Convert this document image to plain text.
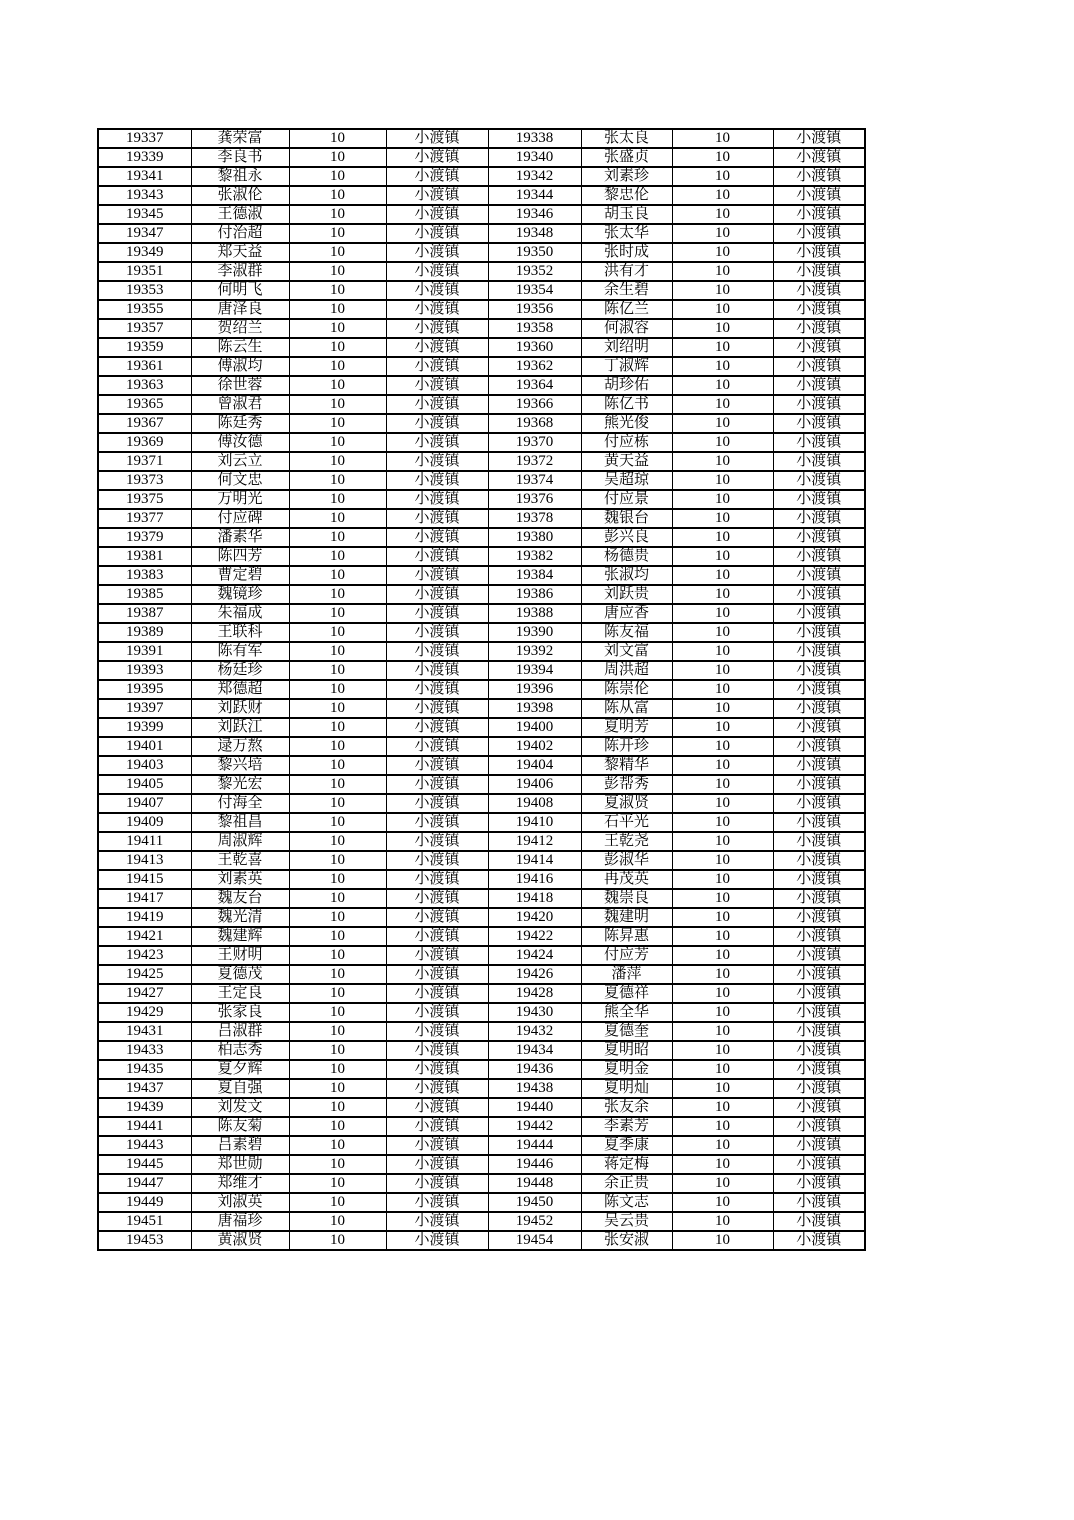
19337	龚荣富	10	小渡镇	19338	张太良	10	小渡镇
19339	李良书	10	小渡镇	19340	张盛贞	10	小渡镇
19341	黎祖永	10	小渡镇	19342	刘素珍	10	小渡镇
19343	张淑伦	10	小渡镇	19344	黎忠伦	10	小渡镇
19345	王德淑	10	小渡镇	19346	胡玉良	10	小渡镇
19347	付治超	10	小渡镇	19348	张太华	10	小渡镇
19349	郑天益	10	小渡镇	19350	张时成	10	小渡镇
19351	李淑群	10	小渡镇	19352	洪有才	10	小渡镇
19353	何明飞	10	小渡镇	19354	余生碧	10	小渡镇
19355	唐泽良	10	小渡镇	19356	陈亿兰	10	小渡镇
19357	贺绍兰	10	小渡镇	19358	何淑容	10	小渡镇
19359	陈云生	10	小渡镇	19360	刘绍明	10	小渡镇
19361	傅淑均	10	小渡镇	19362	丁淑辉	10	小渡镇
19363	徐世蓉	10	小渡镇	19364	胡珍佑	10	小渡镇
19365	曾淑君	10	小渡镇	19366	陈亿书	10	小渡镇
19367	陈廷秀	10	小渡镇	19368	熊光俊	10	小渡镇
19369	傅汝德	10	小渡镇	19370	付应栋	10	小渡镇
19371	刘云立	10	小渡镇	19372	黄天益	10	小渡镇
19373	何文忠	10	小渡镇	19374	吴超琼	10	小渡镇
19375	万明光	10	小渡镇	19376	付应景	10	小渡镇
19377	付应碑	10	小渡镇	19378	魏银台	10	小渡镇
19379	潘素华	10	小渡镇	19380	彭兴良	10	小渡镇
19381	陈四芳	10	小渡镇	19382	杨德贵	10	小渡镇
19383	曹定碧	10	小渡镇	19384	张淑均	10	小渡镇
19385	魏镜珍	10	小渡镇	19386	刘跃贵	10	小渡镇
19387	朱福成	10	小渡镇	19388	唐应香	10	小渡镇
19389	王联科	10	小渡镇	19390	陈友福	10	小渡镇
19391	陈有军	10	小渡镇	19392	刘文富	10	小渡镇
19393	杨廷珍	10	小渡镇	19394	周洪超	10	小渡镇
19395	郑德超	10	小渡镇	19396	陈崇伦	10	小渡镇
19397	刘跃财	10	小渡镇	19398	陈从富	10	小渡镇
19399	刘跃江	10	小渡镇	19400	夏明芳	10	小渡镇
19401	逯万熬	10	小渡镇	19402	陈开珍	10	小渡镇
19403	黎兴培	10	小渡镇	19404	黎精华	10	小渡镇
19405	黎光宏	10	小渡镇	19406	彭帮秀	10	小渡镇
19407	付海全	10	小渡镇	19408	夏淑贤	10	小渡镇
19409	黎祖昌	10	小渡镇	19410	石平光	10	小渡镇
19411	周淑辉	10	小渡镇	19412	王乾尧	10	小渡镇
19413	王乾喜	10	小渡镇	19414	彭淑华	10	小渡镇
19415	刘素英	10	小渡镇	19416	冉茂英	10	小渡镇
19417	魏友台	10	小渡镇	19418	魏崇良	10	小渡镇
19419	魏光清	10	小渡镇	19420	魏建明	10	小渡镇
19421	魏建辉	10	小渡镇	19422	陈昇惠	10	小渡镇
19423	王财明	10	小渡镇	19424	付应芳	10	小渡镇
19425	夏德茂	10	小渡镇	19426	潘萍	10	小渡镇
19427	王定良	10	小渡镇	19428	夏德祥	10	小渡镇
19429	张家良	10	小渡镇	19430	熊全华	10	小渡镇
19431	吕淑群	10	小渡镇	19432	夏德奎	10	小渡镇
19433	柏志秀	10	小渡镇	19434	夏明昭	10	小渡镇
19435	夏夕辉	10	小渡镇	19436	夏明金	10	小渡镇
19437	夏自强	10	小渡镇	19438	夏明灿	10	小渡镇
19439	刘发文	10	小渡镇	19440	张友余	10	小渡镇
19441	陈友菊	10	小渡镇	19442	李素芳	10	小渡镇
19443	吕素碧	10	小渡镇	19444	夏季康	10	小渡镇
19445	郑世勋	10	小渡镇	19446	蒋定梅	10	小渡镇
19447	郑维才	10	小渡镇	19448	余正贵	10	小渡镇
19449	刘淑英	10	小渡镇	19450	陈文志	10	小渡镇
19451	唐福珍	10	小渡镇	19452	吴云贵	10	小渡镇
19453	黄淑贤	10	小渡镇	19454	张安淑	10	小渡镇
